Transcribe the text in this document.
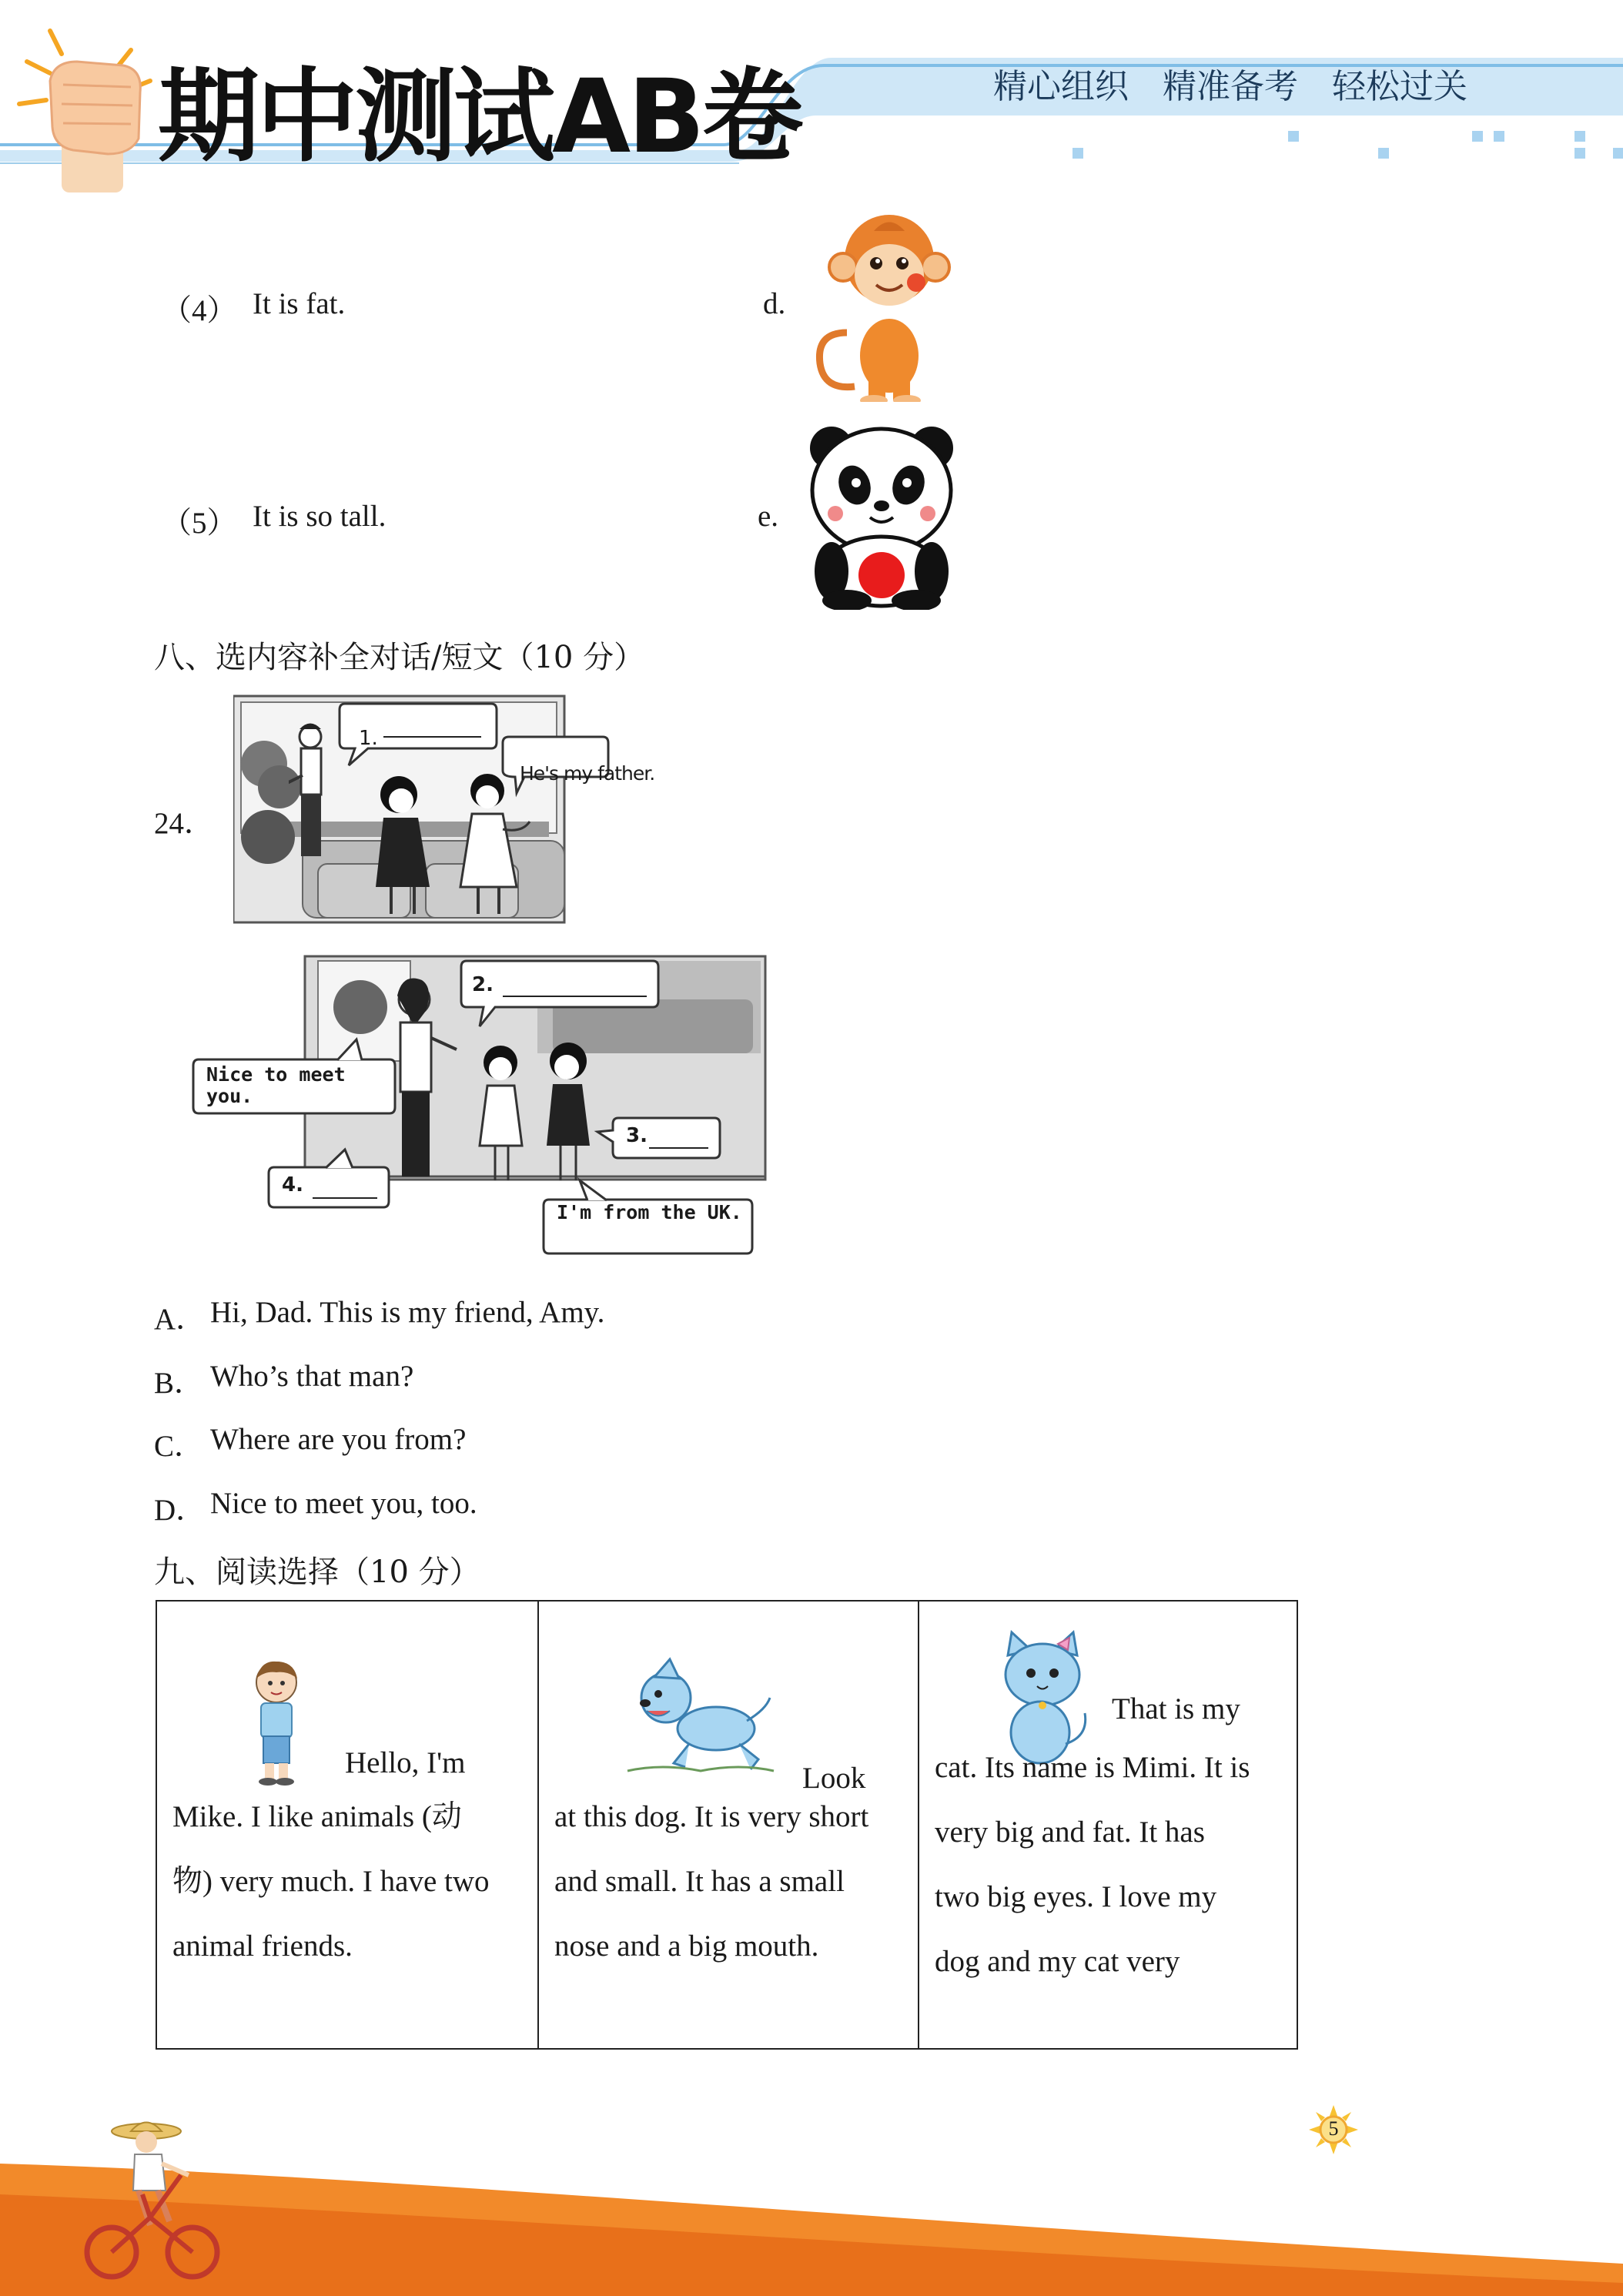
期中测试AB卷	精心组织 精准备考 轻松过关
（4） It is fat.	d.
（5） It is so tall.	e.
八、选内容补全对话/短文（10 分）
24．
1.
He's my father.
2.
Nice to meet you.
3.
4.
I'm from the UK.
A． Hi, Dad. This is my friend, Amy.
B． Who’s that man?
C． Where are you from?
D． Nice to meet you, too.
九、阅读选择（10 分）
Hello, I'm
Mike. I like animals (动
物) very much. I have two
animal friends.
Look
at this dog. It is very short
and small. It has a small
nose and a big mouth.
That is my
cat. Its name is Mimi. It is
very big and fat. It has
two big eyes. I love my
dog and my cat very
5
